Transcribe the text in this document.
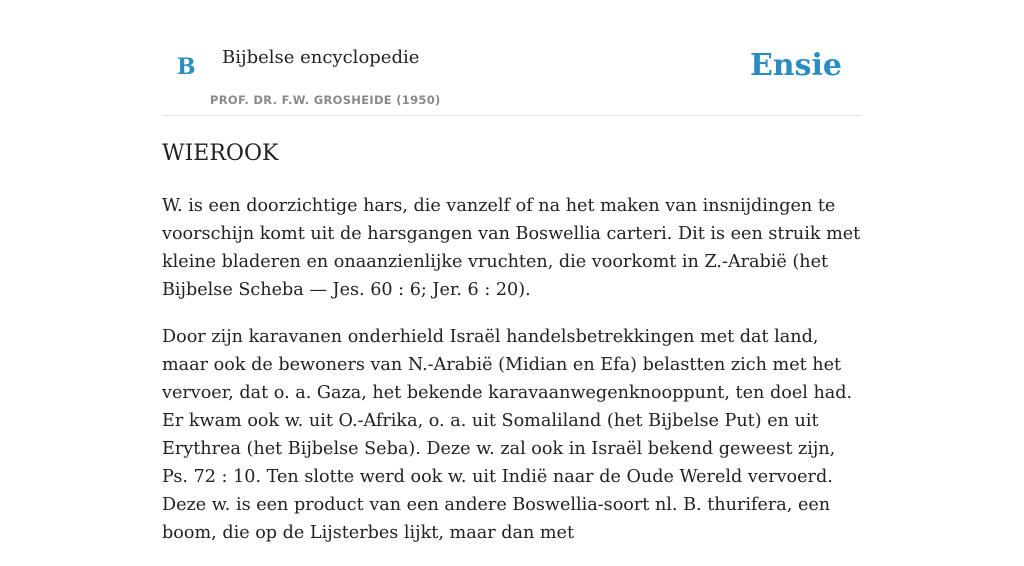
B Bijbelse encyclopedie
PROF. DR. F.W. GROSHEIDE (1950)
Ensie
WIEROOK

W. is een doorzichtige hars, die vanzelf of na het maken van insnijdingen te voorschijn komt uit de harsgangen van Boswellia carteri. Dit is een struik met kleine bladeren en onaanzienlijke vruchten, die voorkomt in Z.-Arabië (het Bijbelse Scheba — Jes. 60 : 6; Jer. 6 : 20).

Door zijn karavanen onderhield Israël handelsbetrekkingen met dat land, maar ook de bewoners van N.-Arabië (Midian en Efa) belastten zich met het vervoer, dat o. a. Gaza, het bekende karavaanwegenknooppunt, ten doel had. Er kwam ook w. uit O.-Afrika, o. a. uit Somaliland (het Bijbelse Put) en uit Erythrea (het Bijbelse Seba). Deze w. zal ook in Israël bekend geweest zijn, Ps. 72 : 10. Ten slotte werd ook w. uit Indië naar de Oude Wereld vervoerd. Deze w. is een product van een andere Boswellia-soort nl. B. thurifera, een boom, die op de Lijsterbes lijkt, maar dan met
